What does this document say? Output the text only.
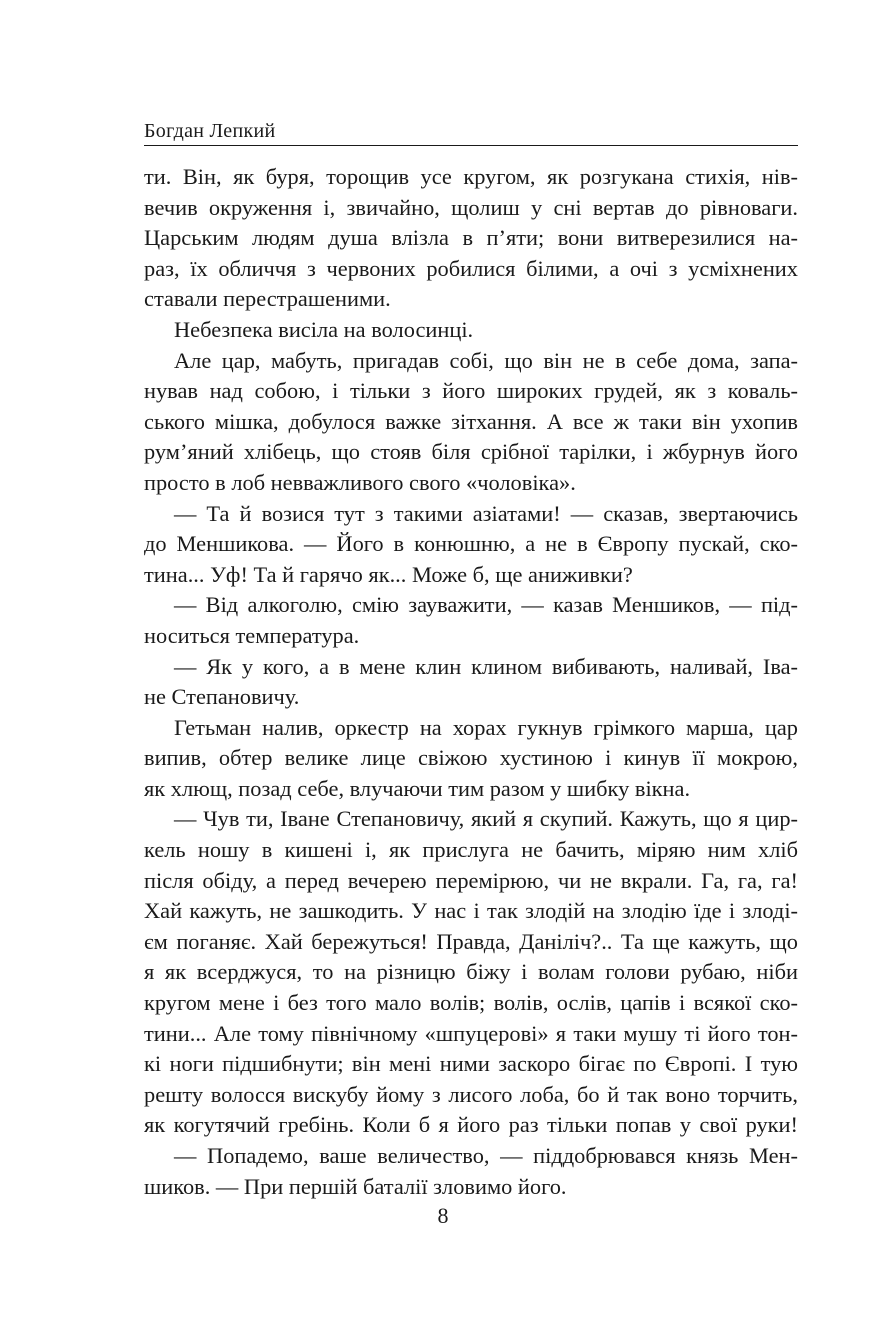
Богдан Лепкий
ти. Він, як буря, торощив усе кругом, як розгукана стихія, нів-
вечив окруження і, звичайно, щолиш у сні вертав до рівноваги.
Царським людям душа влізла в п’яти; вони витверезилися на-
раз, їх обличчя з червоних робилися білими, а очі з усміхнених
ставали перестрашеними.
Небезпека висіла на волосинці.
Але цар, мабуть, пригадав собі, що він не в себе дома, запа-
нував над собою, і тільки з його широких грудей, як з коваль-
ського мішка, добулося важке зітхання. А все ж таки він ухопив
рум’яний хлібець, що стояв біля срібної тарілки, і жбурнув його
просто в лоб невважливого свого «чоловіка».
— Та й возися тут з такими азіатами! — сказав, звертаючись
до Меншикова. — Його в конюшню, а не в Європу пускай, ско-
тина... Уф! Та й гарячо як... Може б, ще аниживки?
— Від алкоголю, смію зауважити, — казав Меншиков, — під-
носиться температура.
— Як у кого, а в мене клин клином вибивають, наливай, Іва-
не Степановичу.
Гетьман налив, оркестр на хорах гукнув грімкого марша, цар
випив, обтер велике лице свіжою хустиною і кинув її мокрою,
як хлющ, позад себе, влучаючи тим разом у шибку вікна.
— Чув ти, Іване Степановичу, який я скупий. Кажуть, що я цир-
кель ношу в кишені і, як прислуга не бачить, міряю ним хліб
після обіду, а перед вечерею перемірюю, чи не вкрали. Га, га, га!
Хай кажуть, не зашкодить. У нас і так злодій на злодію їде і злоді-
єм поганяє. Хай бережуться! Правда, Даніліч?.. Та ще кажуть, що
я як всерджуся, то на різницю біжу і волам голови рубаю, ніби
кругом мене і без того мало волів; волів, ослів, цапів і всякої ско-
тини... Але тому північному «шпуцерові» я таки мушу ті його тон-
кі ноги підшибнути; він мені ними заскоро бігає по Європі. І тую
решту волосся вискубу йому з лисого лоба, бо й так воно торчить,
як когутячий гребінь. Коли б я його раз тільки попав у свої руки!
— Попадемо, ваше величество, — піддобрювався князь Мен-
шиков. — При першій баталії зловимо його.
8
